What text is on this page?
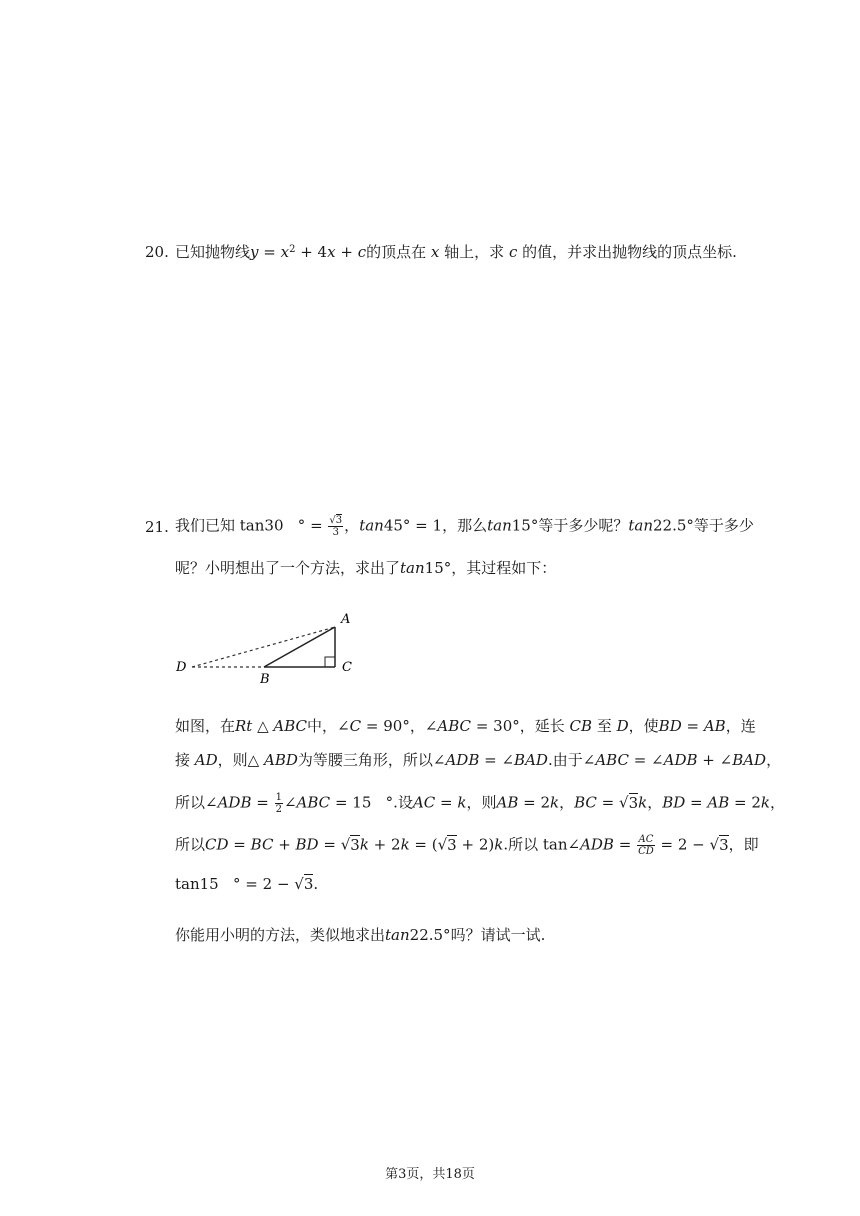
20. 已知抛物线$y = x^2 + 4x + c$的顶点在 x 轴上，求 c 的值，并求出抛物线的顶点坐标.
21. 我们已知 tan30   ° = $\frac{√3}{3}$ ，tan45° = 1，那么tan15°等于多少呢？tan22.5°等于多少
呢？小明想出了一个方法，求出了tan15°，其过程如下：
A
B
C
D
如图，在Rt △ ABC中，∠C = 90°，∠ABC = 30°，延长 CB 至 D，使BD = AB，连
接 AD，则△ ABD为等腰三角形，所以∠ADB = ∠BAD.由于∠ABC = ∠ADB + ∠BAD，
所以∠ADB = $\frac{1}{2}$ ∠ABC = 15   °.设AC = k，则AB = 2k，BC = √3k，BD = AB = 2k，
所以CD = BC + BD = √3k + 2k = (√3 + 2)k.所以 tan∠ADB = $\frac{AC}{CD} = 2 - √3$，即
tan15   ° = 2 − √3.
你能用小明的方法，类似地求出tan22.5°吗？请试一试.
第3页，共18页
